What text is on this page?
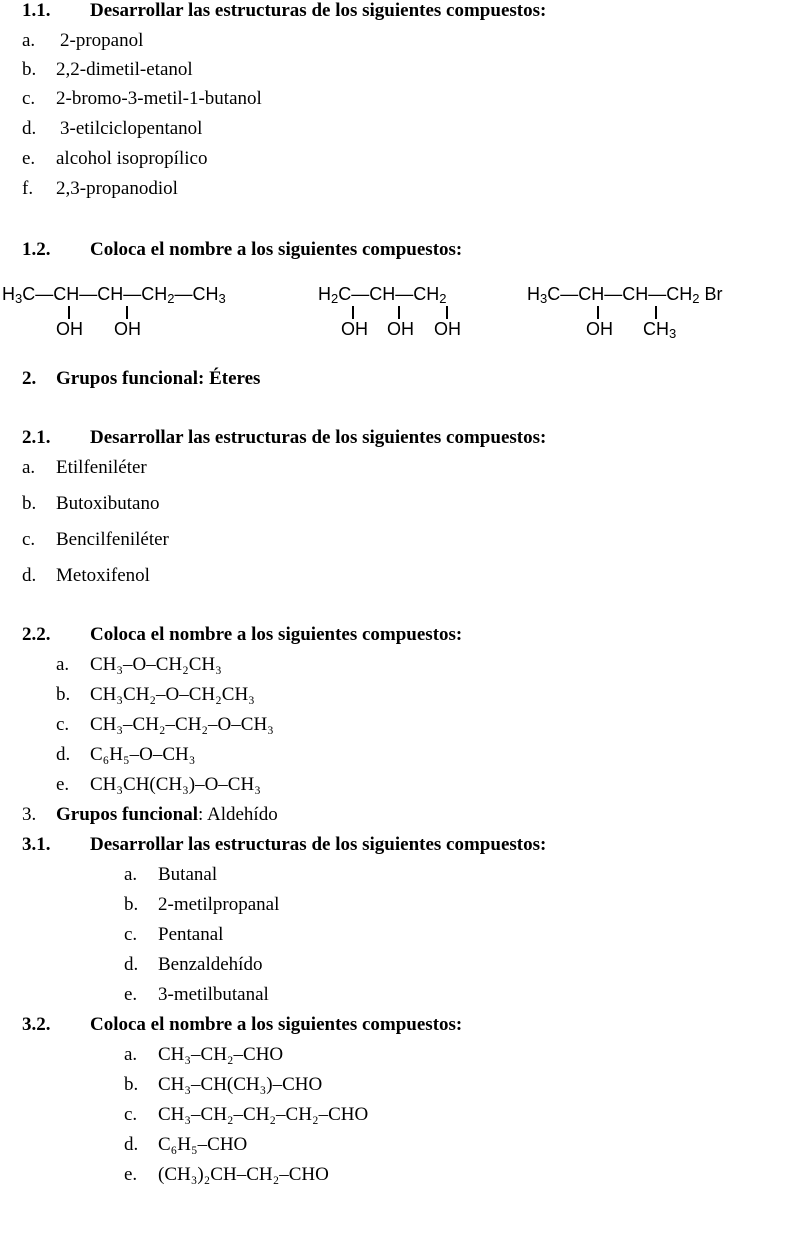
1.1. Desarrollar las estructuras de los siguientes compuestos:
a. 2-propanol
b. 2,2-dimetil-etanol
c. 2-bromo-3-metil-1-butanol
d. 3-etilciclopentanol
e. alcohol isopropílico
f. 2,3-propanodiol
1.2. Coloca el nombre a los siguientes compuestos:
$H_3C—CH—CH—CH_2—CH_3$
OH OH
$H_2C—CH—CH_2$
OH OH OH
$H_3C—CH—CH—CH_2$ Br
OH $CH_3$
2. Grupos funcional: Éteres
2.1. Desarrollar las estructuras de los siguientes compuestos:
a. Etilfeniléter
b. Butoxibutano
c. Bencilfeniléter
d. Metoxifenol
2.2. Coloca el nombre a los siguientes compuestos:
a. CH₃–O–CH₂CH₃
b. CH₃CH₂–O–CH₂CH₃
c. CH₃–CH₂–CH₂–O–CH₃
d. C₆H₅–O–CH₃
e. CH₃CH(CH₃)–O–CH₃
3. Grupos funcional: Aldehído
3.1. Desarrollar las estructuras de los siguientes compuestos:
a. Butanal
b. 2-metilpropanal
c. Pentanal
d. Benzaldehído
e. 3-metilbutanal
3.2. Coloca el nombre a los siguientes compuestos:
a. CH₃–CH₂–CHO
b. CH₃–CH(CH₃)–CHO
c. CH₃–CH₂–CH₂–CH₂–CHO
d. C₆H₅–CHO
e. (CH₃)₂CH–CH₂–CHO
